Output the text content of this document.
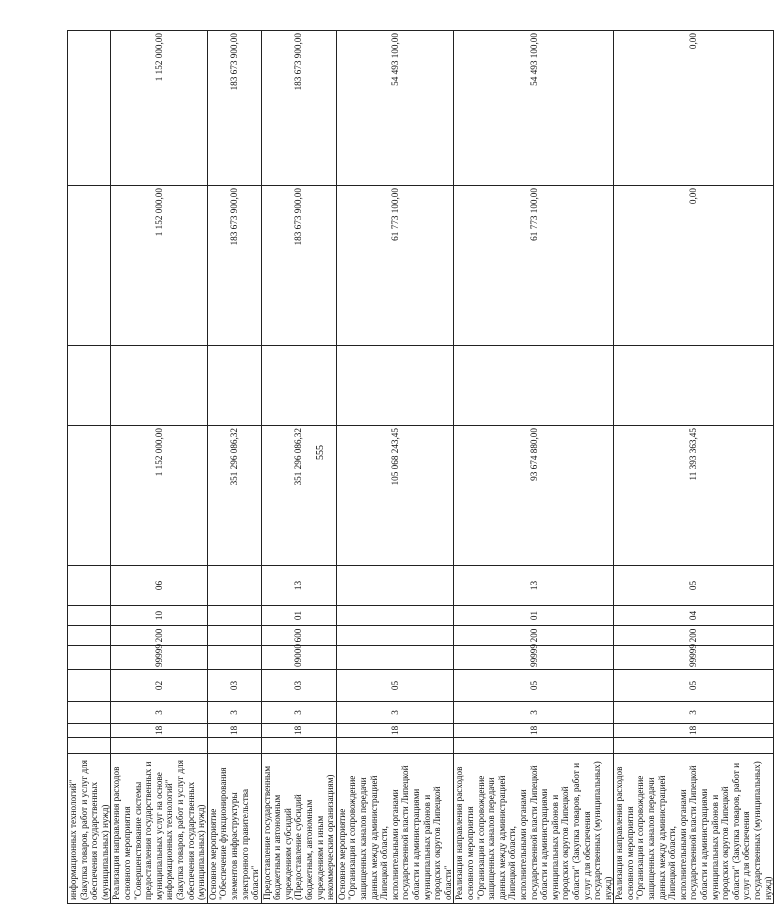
555
информационных технологий" (Закупка товаров, работ и услуг для обеспечения государственных (муниципальных) нужд)												
Реализация направления расходов основного мероприятия "Совершенствование системы предоставления государственных и муниципальных услуг на основе информационных технологий" (Закупка товаров, работ и услуг для обеспечения государственных (муниципальных) нужд)		18	3	02	99999	200	10	06	1 152 000,00		1 152 000,00	1 152 000,00
Основное мероприятие "Обеспечение функционирования элементов инфраструктуры электронного правительства области"		18	3	03					351 296 086,32		183 673 900,00	183 673 900,00
Предоставление государственным бюджетным и автономным учреждениям субсидий (Предоставление субсидий бюджетным, автономным учреждениям и иным некоммерческим организациям)		18	3	03	09000	600	01	13	351 296 086,32		183 673 900,00	183 673 900,00
Основное мероприятие "Организация и сопровождение защищенных каналов передачи данных между администрацией Липецкой области, исполнительными органами государственной власти Липецкой области и администрациями муниципальных районов и городских округов Липецкой области"		18	3	05					105 068 243,45		61 773 100,00	54 493 100,00
Реализация направления расходов основного мероприятия "Организация и сопровождение защищенных каналов передачи данных между администрацией Липецкой области, исполнительными органами государственной власти Липецкой области и администрациями муниципальных районов и городских округов Липецкой области" (Закупка товаров, работ и услуг для обеспечения государственных (муниципальных) нужд)		18	3	05	99999	200	01	13	93 674 880,00		61 773 100,00	54 493 100,00
Реализация направления расходов основного мероприятия "Организация и сопровождение защищенных каналов передачи данных между администрацией Липецкой области, исполнительными органами государственной власти Липецкой области и администрациями муниципальных районов и городских округов Липецкой области" (Закупка товаров, работ и услуг для обеспечения государственных (муниципальных) нужд)		18	3	05	99999	200	04	05	11 393 363,45		0,00	0,00
